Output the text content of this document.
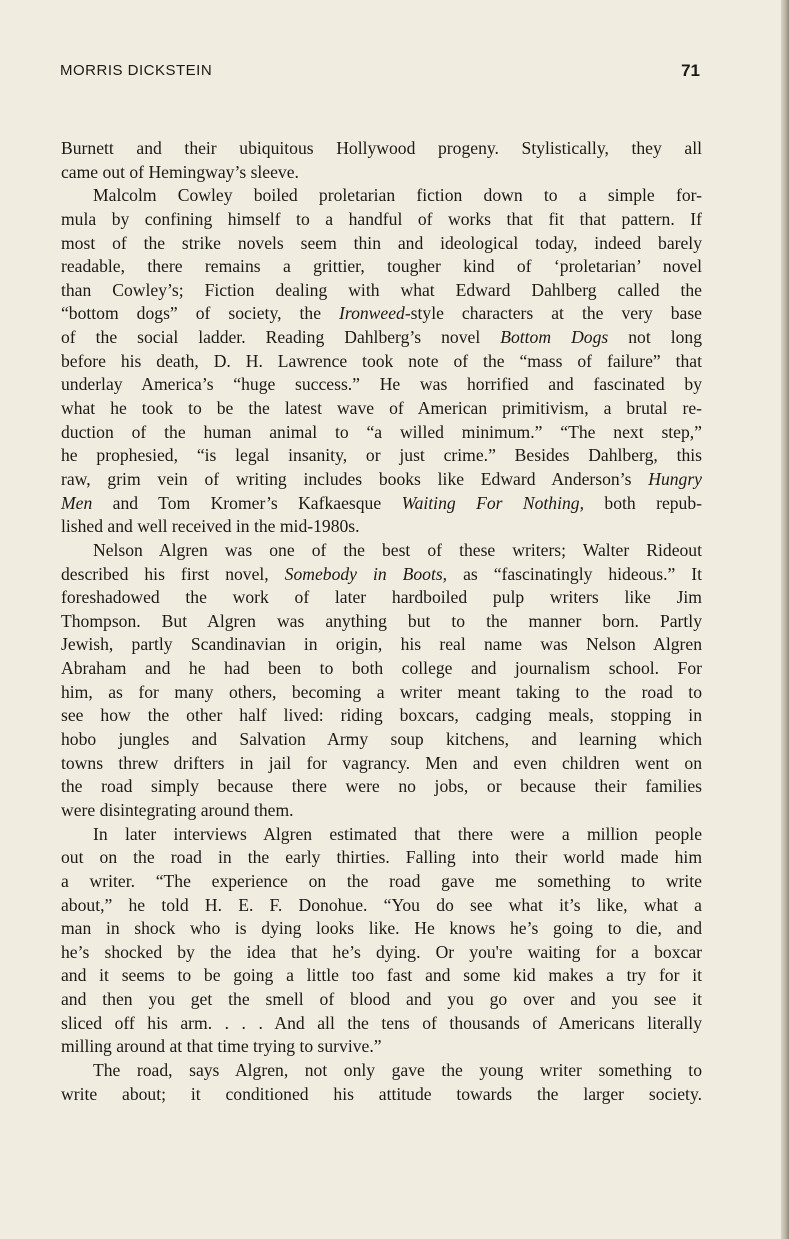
MORRIS DICKSTEIN	71
Burnett and their ubiquitous Hollywood progeny. Stylistically, they all
came out of Hemingway’s sleeve.
Malcolm Cowley boiled proletarian fiction down to a simple for-
mula by confining himself to a handful of works that fit that pattern. If
most of the strike novels seem thin and ideological today, indeed barely
readable, there remains a grittier, tougher kind of ‘proletarian’ novel
than Cowley’s; Fiction dealing with what Edward Dahlberg called the
“bottom dogs” of society, the Ironweed-style characters at the very base
of the social ladder. Reading Dahlberg’s novel Bottom Dogs not long
before his death, D. H. Lawrence took note of the “mass of failure” that
underlay America’s “huge success.” He was horrified and fascinated by
what he took to be the latest wave of American primitivism, a brutal re-
duction of the human animal to “a willed minimum.” “The next step,”
he prophesied, “is legal insanity, or just crime.” Besides Dahlberg, this
raw, grim vein of writing includes books like Edward Anderson’s Hungry
Men and Tom Kromer’s Kafkaesque Waiting For Nothing, both repub-
lished and well received in the mid-1980s.
Nelson Algren was one of the best of these writers; Walter Rideout
described his first novel, Somebody in Boots, as “fascinatingly hideous.” It
foreshadowed the work of later hardboiled pulp writers like Jim
Thompson. But Algren was anything but to the manner born. Partly
Jewish, partly Scandinavian in origin, his real name was Nelson Algren
Abraham and he had been to both college and journalism school. For
him, as for many others, becoming a writer meant taking to the road to
see how the other half lived: riding boxcars, cadging meals, stopping in
hobo jungles and Salvation Army soup kitchens, and learning which
towns threw drifters in jail for vagrancy. Men and even children went on
the road simply because there were no jobs, or because their families
were disintegrating around them.
In later interviews Algren estimated that there were a million people
out on the road in the early thirties. Falling into their world made him
a writer. “The experience on the road gave me something to write
about,” he told H. E. F. Donohue. “You do see what it’s like, what a
man in shock who is dying looks like. He knows he’s going to die, and
he’s shocked by the idea that he’s dying. Or you're waiting for a boxcar
and it seems to be going a little too fast and some kid makes a try for it
and then you get the smell of blood and you go over and you see it
sliced off his arm. . . . And all the tens of thousands of Americans literally
milling around at that time trying to survive.”
The road, says Algren, not only gave the young writer something to
write about; it conditioned his attitude towards the larger society.
